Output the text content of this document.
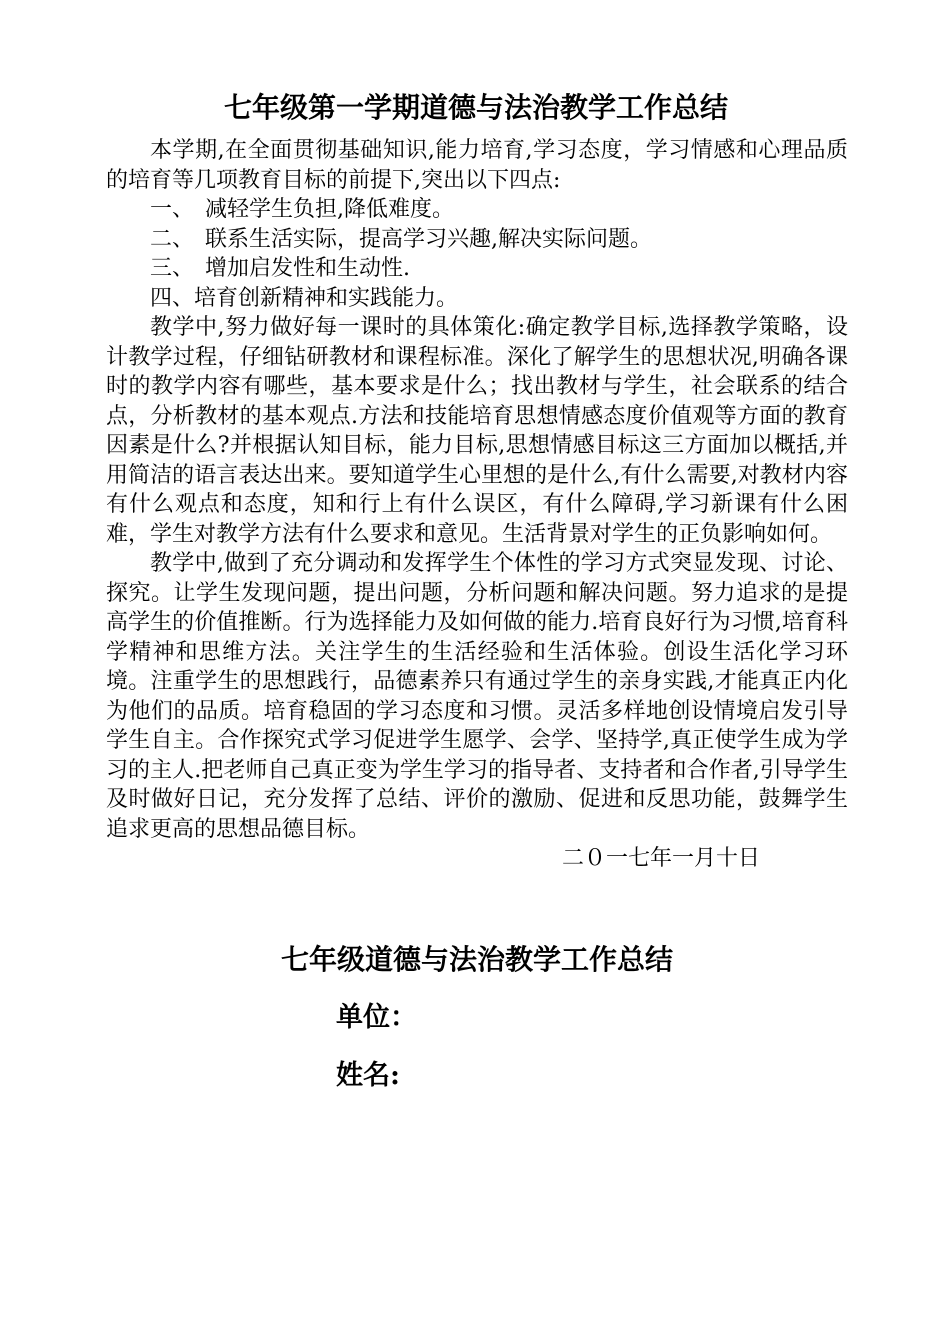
七年级第一学期道德与法治教学工作总结

本学期,在全面贯彻基础知识,能力培育,学习态度，学习情感和心理品质的培育等几项教育目标的前提下,突出以下四点:

一、　减轻学生负担,降低难度。

二、　联系生活实际，提高学习兴趣,解决实际问题。

三、　增加启发性和生动性.

四、培育创新精神和实践能力。

教学中,努力做好每一课时的具体策化:确定教学目标,选择教学策略，设计教学过程，仔细钻研教材和课程标准。深化了解学生的思想状况,明确各课时的教学内容有哪些，基本要求是什么；找出教材与学生，社会联系的结合点，分析教材的基本观点.方法和技能培育思想情感态度价值观等方面的教育因素是什么?并根据认知目标，能力目标,思想情感目标这三方面加以概括,并用简洁的语言表达出来。要知道学生心里想的是什么,有什么需要,对教材内容有什么观点和态度，知和行上有什么误区，有什么障碍,学习新课有什么困难，学生对教学方法有什么要求和意见。生活背景对学生的正负影响如何。

教学中,做到了充分调动和发挥学生个体性的学习方式突显发现、讨论、探究。让学生发现问题，提出问题，分析问题和解决问题。努力追求的是提高学生的价值推断。行为选择能力及如何做的能力.培育良好行为习惯,培育科学精神和思维方法。关注学生的生活经验和生活体验。创设生活化学习环境。注重学生的思想践行，品德素养只有通过学生的亲身实践,才能真正内化为他们的品质。培育稳固的学习态度和习惯。灵活多样地创设情境启发引导学生自主。合作探究式学习促进学生愿学、会学、坚持学,真正使学生成为学习的主人.把老师自己真正变为学生学习的指导者、支持者和合作者,引导学生及时做好日记，充分发挥了总结、评价的激励、促进和反思功能，鼓舞学生追求更高的思想品德目标。

二０一七年一月十日

七年级道德与法治教学工作总结
单位：
姓名:
